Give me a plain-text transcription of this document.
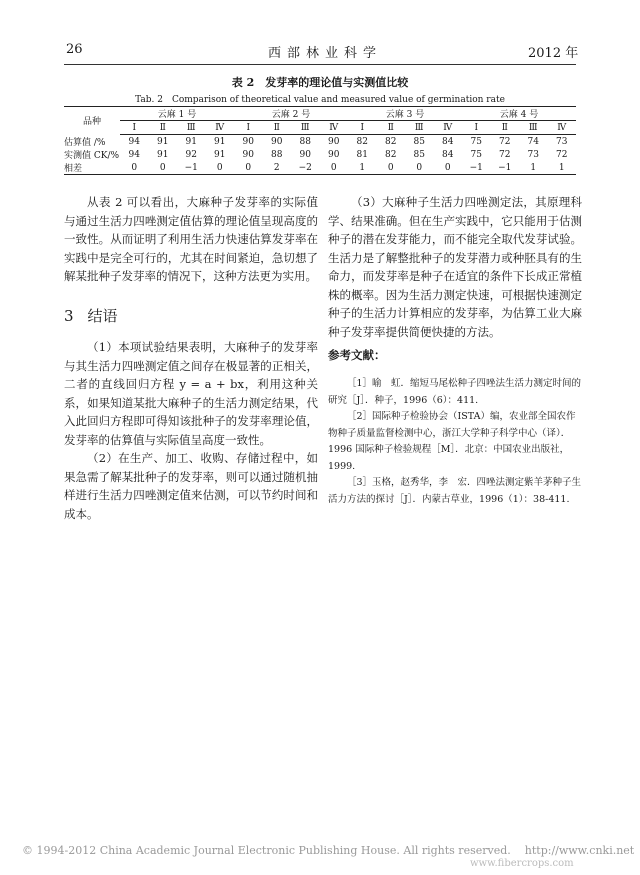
26	西部林业科学	2012 年
表 2　发芽率的理论值与实测值比较
Tab. 2　Comparison of theoretical value and measured value of germination rate
品种	云麻 1 号				云麻 2 号				云麻 3 号				云麻 4 号			
	Ⅰ	Ⅱ	Ⅲ	Ⅳ	Ⅰ	Ⅱ	Ⅲ	Ⅳ	Ⅰ	Ⅱ	Ⅲ	Ⅳ	Ⅰ	Ⅱ	Ⅲ	Ⅳ
估算值 /%	94	91	91	91	90	90	88	90	82	82	85	84	75	72	74	73
实测值 CK/%	94	91	92	91	90	88	90	90	81	82	85	84	75	72	73	72
相差	0	0	−1	0	0	2	−2	0	1	0	0	0	−1	−1	1	1

从表 2 可以看出，大麻种子发芽率的实际值与通过生活力四唑测定值估算的理论值呈现高度的一致性。从而证明了利用生活力快速估算发芽率在实践中是完全可行的，尤其在时间紧迫，急切想了解某批种子发芽率的情况下，这种方法更为实用。

3 结语

（1）本项试验结果表明，大麻种子的发芽率与其生活力四唑测定值之间存在极显著的正相关，二者的直线回归方程 y = a + bx，利用这种关系，如果知道某批大麻种子的生活力测定结果，代入此回归方程即可得知该批种子的发芽率理论值，发芽率的估算值与实际值呈高度一致性。

（2）在生产、加工、收购、存储过程中，如果急需了解某批种子的发芽率，则可以通过随机抽样进行生活力四唑测定值来估测，可以节约时间和成本。

（3）大麻种子生活力四唑测定法，其原理科学、结果准确。但在生产实践中，它只能用于估测种子的潜在发芽能力，而不能完全取代发芽试验。生活力是了解整批种子的发芽潜力或种胚具有的生命力，而发芽率是种子在适宜的条件下长成正常植株的概率。因为生活力测定快速，可根据快速测定种子的生活力计算相应的发芽率，为估算工业大麻种子发芽率提供简便快捷的方法。

参考文献：

［1］喻　虹．缩短马尾松种子四唑法生活力测定时间的研究［J］．种子，1996（6）：411.

［2］国际种子检验协会（ISTA）编，农业部全国农作物种子质量监督检测中心，浙江大学种子科学中心（译）．1996 国际种子检验规程［M］．北京：中国农业出版社，1999.

［3］玉格，赵秀华，李　宏．四唑法测定紫羊茅种子生活力方法的探讨［J］．内蒙古草业，1996（1）：38-411.

© 1994-2012 China Academic Journal Electronic Publishing House. All rights reserved. http://www.cnki.net
www.fibercrops.com
